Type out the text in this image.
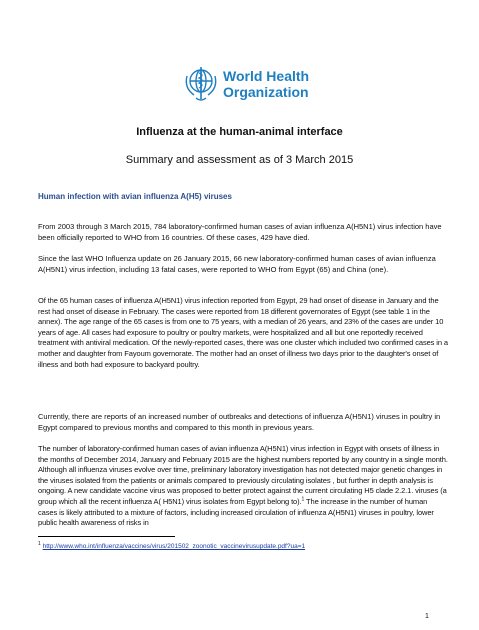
World Health
Organization
Influenza at the human-animal interface
Summary and assessment as of 3 March 2015
Human infection with avian influenza A(H5) viruses

From 2003 through 3 March 2015, 784 laboratory-confirmed human cases of avian influenza A(H5N1) virus infection have been officially reported to WHO from 16 countries. Of these cases, 429 have died.

Since the last WHO Influenza update on 26 January 2015, 66 new laboratory-confirmed human cases of avian influenza A(H5N1) virus infection, including 13 fatal cases, were reported to WHO from Egypt (65) and China (one).

Of the 65 human cases of influenza A(H5N1) virus infection reported from Egypt, 29 had onset of disease in January and the rest had onset of disease in February. The cases were reported from 18 different governorates of Egypt (see table 1 in the annex). The age range of the 65 cases is from one to 75 years, with a median of 26 years, and 23% of the cases are under 10 years of age. All cases had exposure to poultry or poultry markets, were hospitalized and all but one reportedly received treatment with antiviral medication. Of the newly-reported cases, there was one cluster which included two confirmed cases in a mother and daughter from Fayoum governorate. The mother had an onset of illness two days prior to the daughter's onset of illness and both had exposure to backyard poultry.

Currently, there are reports of an increased number of outbreaks and detections of influenza A(H5N1) viruses in poultry in Egypt compared to previous months and compared to this month in previous years.

The number of laboratory-confirmed human cases of avian influenza A(H5N1) virus infection in Egypt with onsets of illness in the months of December 2014, January and February 2015 are the highest numbers reported by any country in a single month. Although all influenza viruses evolve over time, preliminary laboratory investigation has not detected major genetic changes in the viruses isolated from the patients or animals compared to previously circulating isolates , but further in depth analysis is ongoing. A new candidate vaccine virus was proposed to better protect against the current circulating H5 clade 2.2.1. viruses (a group which all the recent influenza A( H5N1) virus isolates from Egypt belong to).$^1$ The increase in the number of human cases is likely attributed to a mixture of factors, including increased circulation of influenza A(H5N1) viruses in poultry, lower public health awareness of risks in

$^1$ http://www.who.int/influenza/vaccines/virus/201502_zoonotic_vaccinevirusupdate.pdf?ua=1
1
